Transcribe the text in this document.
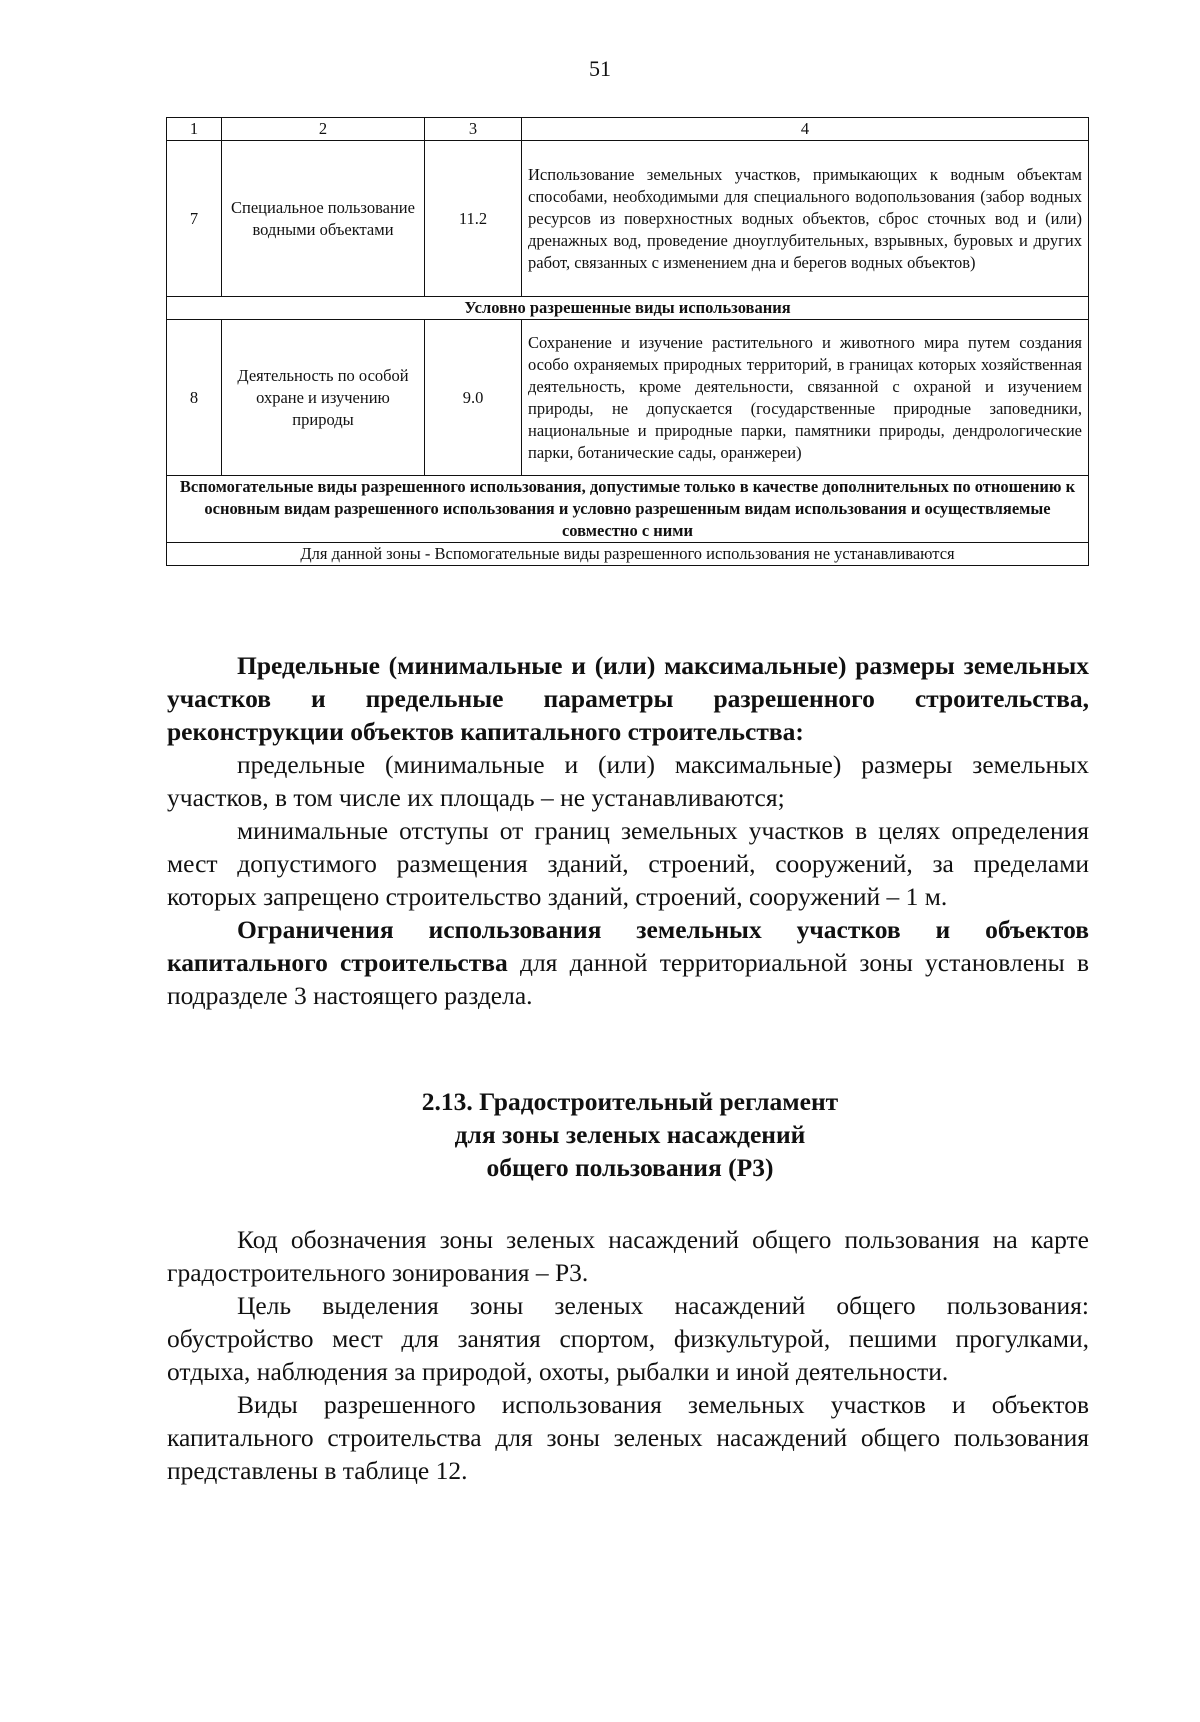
51
1	2	3	4
7	Специальное пользование водными объектами	11.2	Использование земельных участков, примыкающих к водным объектам способами, необходимыми для специального водопользования (забор водных ресурсов из поверхностных водных объектов, сброс сточных вод и (или) дренажных вод, проведение дноуглубительных, взрывных, буровых и других работ, связанных с изменением дна и берегов водных объектов)
Условно разрешенные виды использования			
8	Деятельность по особой охране и изучению природы	9.0	Сохранение и изучение растительного и животного мира путем создания особо охраняемых природных территорий, в границах которых хозяйственная деятельность, кроме деятельности, связанной с охраной и изучением природы, не допускается (государственные природные заповедники, национальные и природные парки, памятники природы, дендрологические парки, ботанические сады, оранжереи)
Вспомогательные виды разрешенного использования, допустимые только в качестве дополнительных по отношению к основным видам разрешенного использования и условно разрешенным видам использования и осуществляемые совместно с ними			
Для данной зоны - Вспомогательные виды разрешенного использования не устанавливаются			

Предельные (минимальные и (или) максимальные) размеры земельных участков и предельные параметры разрешенного строительства, реконструкции объектов капитального строительства:

предельные (минимальные и (или) максимальные) размеры земельных участков, в том числе их площадь – не устанавливаются;

минимальные отступы от границ земельных участков в целях определения мест допустимого размещения зданий, строений, сооружений, за пределами которых запрещено строительство зданий, строений, сооружений – 1 м.

Ограничения использования земельных участков и объектов капитального строительства для данной территориальной зоны установлены в подразделе 3 настоящего раздела.

2.13. Градостроительный регламент
для зоны зеленых насаждений
общего пользования (Р3)

Код обозначения зоны зеленых насаждений общего пользования на карте градостроительного зонирования – Р3.

Цель выделения зоны зеленых насаждений общего пользования: обустройство мест для занятия спортом, физкультурой, пешими прогулками, отдыха, наблюдения за природой, охоты, рыбалки и иной деятельности.

Виды разрешенного использования земельных участков и объектов капитального строительства для зоны зеленых насаждений общего пользования представлены в таблице 12.
